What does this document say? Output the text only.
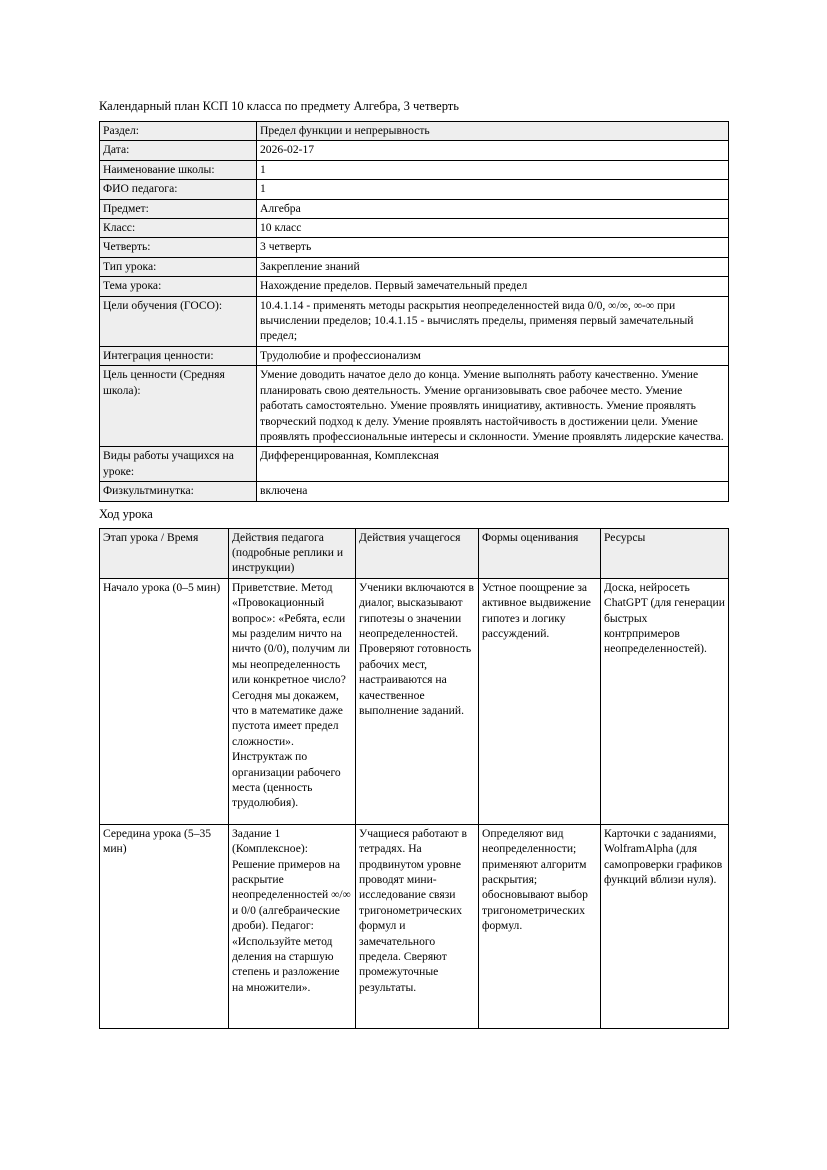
Календарный план КСП 10 класса по предмету Алгебра, 3 четверть

Раздел:	Предел функции и непрерывность
Дата:	2026-02-17
Наименование школы:	1
ФИО педагога:	1
Предмет:	Алгебра
Класс:	10 класс
Четверть:	3 четверть
Тип урока:	Закрепление знаний
Тема урока:	Нахождение пределов. Первый замечательный предел
Цели обучения (ГОСО):	10.4.1.14 - применять методы раскрытия неопределенностей вида 0/0, ∞/∞, ∞-∞ при вычислении пределов; 10.4.1.15 - вычислять пределы, применяя первый замечательный предел;
Интеграция ценности:	Трудолюбие и профессионализм
Цель ценности (Средняя школа):	Умение доводить начатое дело до конца. Умение выполнять работу качественно. Умение планировать свою деятельность. Умение организовывать свое рабочее место. Умение работать самостоятельно. Умение проявлять инициативу, активность. Умение проявлять творческий подход к делу. Умение проявлять настойчивость в достижении цели. Умение проявлять профессиональные интересы и склонности. Умение проявлять лидерские качества.
Виды работы учащихся на уроке:	Дифференцированная, Комплексная
Физкультминутка:	включена

Ход урока

Этап урока / Время	Действия педагога (подробные реплики и инструкции)	Действия учащегося	Формы оценивания	Ресурсы
Начало урока (0–5 мин)	Приветствие. Метод «Провокационный вопрос»: «Ребята, если мы разделим ничто на ничто (0/0), получим ли мы неопределенность или конкретное число? Сегодня мы докажем, что в математике даже пустота имеет предел сложности». Инструктаж по организации рабочего места (ценность трудолюбия).	Ученики включаются в диалог, высказывают гипотезы о значении неопределенностей. Проверяют готовность рабочих мест, настраиваются на качественное выполнение заданий.	Устное поощрение за активное выдвижение гипотез и логику рассуждений.	Доска, нейросеть ChatGPT (для генерации быстрых контрпримеров неопределенностей).
Середина урока (5–35 мин)	Задание 1 (Комплексное): Решение примеров на раскрытие неопределенностей ∞/∞ и 0/0 (алгебраические дроби). Педагог: «Используйте метод деления на старшую степень и разложение на множители».	Учащиеся работают в тетрадях. На продвинутом уровне проводят мини-исследование связи тригонометрических формул и замечательного предела. Сверяют промежуточные результаты.	Определяют вид неопределенности; применяют алгоритм раскрытия; обосновывают выбор тригонометрических формул.	Карточки с заданиями, WolframAlpha (для самопроверки графиков функций вблизи нуля).
